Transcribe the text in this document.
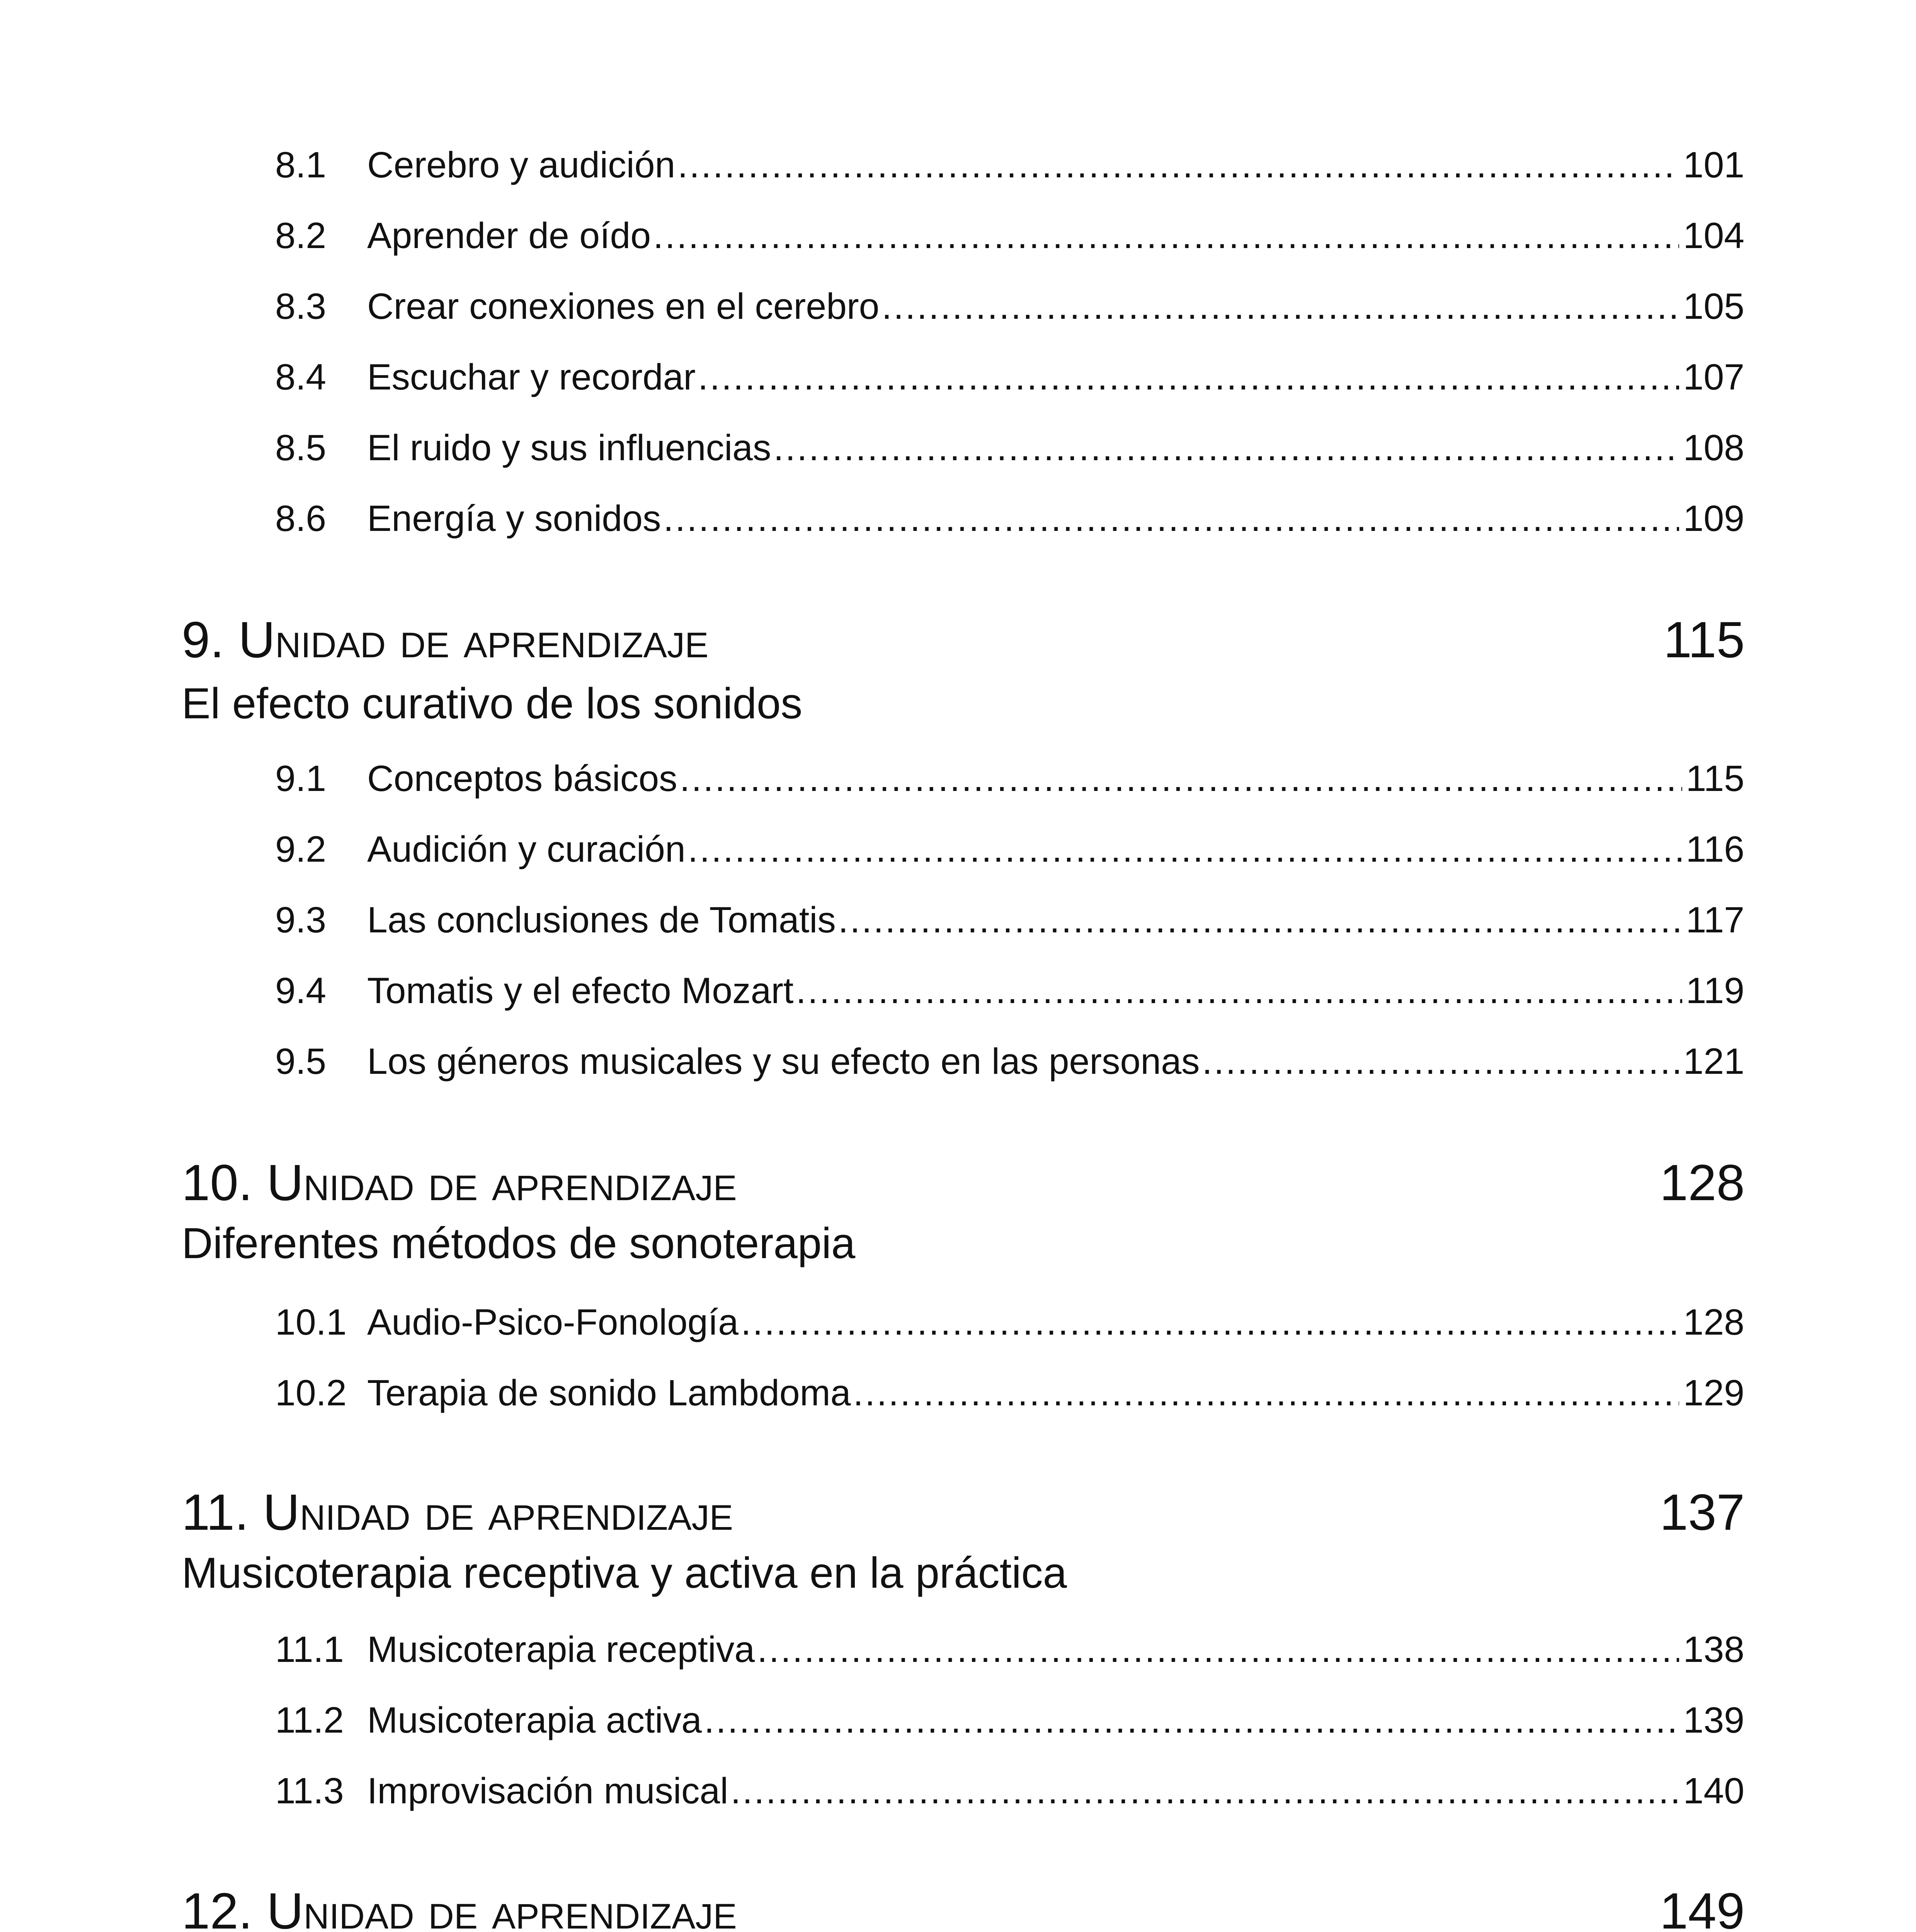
8.1	Cerebro y audición .....	101
8.2	Aprender de oído .....	104
8.3	Crear conexiones en el cerebro .....	105
8.4	Escuchar y recordar .....	107
8.5	El ruido y sus influencias .....	108
8.6	Energía y sonidos .....	109
9. Unidad de aprendizaje	115
El efecto curativo de los sonidos
9.1	Conceptos básicos .....	115
9.2	Audición y curación .....	116
9.3	Las conclusiones de Tomatis .....	117
9.4	Tomatis y el efecto Mozart .....	119
9.5	Los géneros musicales y su efecto en las personas .....	121
10. Unidad de aprendizaje	128
Diferentes métodos de sonoterapia
10.1 Audio-Psico-Fonología .....	128
10.2 Terapia de sonido Lambdoma .....	129
11. Unidad de aprendizaje	137
Musicoterapia receptiva y activa en la práctica
11.1 Musicoterapia receptiva .....	138
11.2 Musicoterapia activa .....	139
11.3 Improvisación musical .....	140
12. Unidad de aprendizaje	149
